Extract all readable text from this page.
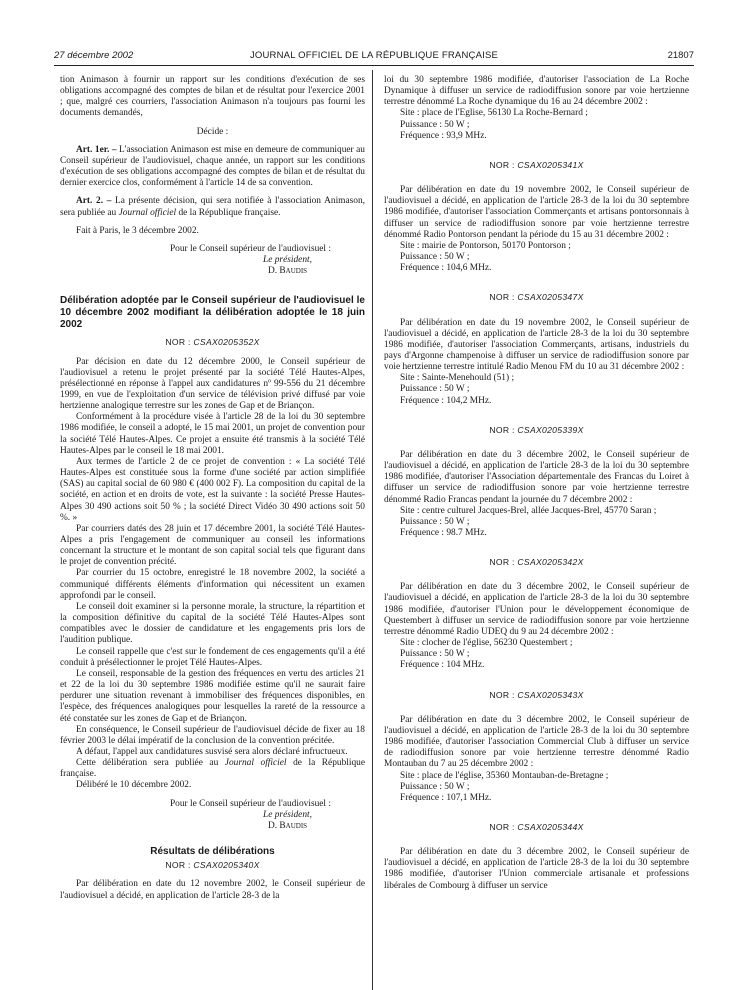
27 décembre 2002	JOURNAL OFFICIEL DE LA RÉPUBLIQUE FRANÇAISE	21807

tion Animason à fournir un rapport sur les conditions d'exécution de ses obligations accompagné des comptes de bilan et de résultat pour l'exercice 2001 ; que, malgré ces courriers, l'association Animason n'a toujours pas fourni les documents demandés,

Décide :

Art. 1er. – L'association Animason est mise en demeure de communiquer au Conseil supérieur de l'audiovisuel, chaque année, un rapport sur les conditions d'exécution de ses obligations accompagné des comptes de bilan et de résultat du dernier exercice clos, conformément à l'article 14 de sa convention.

Art. 2. – La présente décision, qui sera notifiée à l'association Animason, sera publiée au Journal officiel de la République française.

Fait à Paris, le 3 décembre 2002.

Pour le Conseil supérieur de l'audiovisuel :

Le président,

D. Baudis

Délibération adoptée par le Conseil supérieur de l'audiovisuel le 10 décembre 2002 modifiant la délibération adoptée le 18 juin 2002

NOR : CSAX0205352X

Par décision en date du 12 décembre 2000, le Conseil supérieur de l'audiovisuel a retenu le projet présenté par la société Télé Hautes-Alpes, présélectionné en réponse à l'appel aux candidatures nº 99-556 du 21 décembre 1999, en vue de l'exploitation d'un service de télévision privé diffusé par voie hertzienne analogique terrestre sur les zones de Gap et de Briançon.

Conformément à la procédure visée à l'article 28 de la loi du 30 septembre 1986 modifiée, le conseil a adopté, le 15 mai 2001, un projet de convention pour la société Télé Hautes-Alpes. Ce projet a ensuite été transmis à la société Télé Hautes-Alpes par le conseil le 18 mai 2001.

Aux termes de l'article 2 de ce projet de convention : « La société Télé Hautes-Alpes est constituée sous la forme d'une société par action simplifiée (SAS) au capital social de 60 980 € (400 002 F). La composition du capital de la société, en action et en droits de vote, est la suivante : la société Presse Hautes-Alpes 30 490 actions soit 50 % ; la société Direct Vidéo 30 490 actions soit 50 %. »

Par courriers datés des 28 juin et 17 décembre 2001, la société Télé Hautes-Alpes a pris l'engagement de communiquer au conseil les informations concernant la structure et le montant de son capital social tels que figurant dans le projet de convention précité.

Par courrier du 15 octobre, enregistré le 18 novembre 2002, la société a communiqué différents éléments d'information qui nécessitent un examen approfondi par le conseil.

Le conseil doit examiner si la personne morale, la structure, la répartition et la composition définitive du capital de la société Télé Hautes-Alpes sont compatibles avec le dossier de candidature et les engagements pris lors de l'audition publique.

Le conseil rappelle que c'est sur le fondement de ces engagements qu'il a été conduit à présélectionner le projet Télé Hautes-Alpes.

Le conseil, responsable de la gestion des fréquences en vertu des articles 21 et 22 de la loi du 30 septembre 1986 modifiée estime qu'il ne saurait faire perdurer une situation revenant à immobiliser des fréquences disponibles, en l'espèce, des fréquences analogiques pour lesquelles la rareté de la ressource a été constatée sur les zones de Gap et de Briançon.

En conséquence, le Conseil supérieur de l'audiovisuel décide de fixer au 18 février 2003 le délai impératif de la conclusion de la convention précitée.

A défaut, l'appel aux candidatures susvisé sera alors déclaré infructueux.

Cette délibération sera publiée au Journal officiel de la République française.

Délibéré le 10 décembre 2002.

Pour le Conseil supérieur de l'audiovisuel :

Le président,

D. Baudis

Résultats de délibérations

NOR : CSAX0205340X

Par délibération en date du 12 novembre 2002, le Conseil supérieur de l'audiovisuel a décidé, en application de l'article 28-3 de la

loi du 30 septembre 1986 modifiée, d'autoriser l'association de La Roche Dynamique à diffuser un service de radiodiffusion sonore par voie hertzienne terrestre dénommé La Roche dynamique du 16 au 24 décembre 2002 :

Site : place de l'Eglise, 56130 La Roche-Bernard ;

Puissance : 50 W ;

Fréquence : 93,9 MHz.

NOR : CSAX0205341X

Par délibération en date du 19 novembre 2002, le Conseil supérieur de l'audiovisuel a décidé, en application de l'article 28-3 de la loi du 30 septembre 1986 modifiée, d'autoriser l'association Commerçants et artisans pontorsonnais à diffuser un service de radiodiffusion sonore par voie hertzienne terrestre dénommé Radio Pontorson pendant la période du 15 au 31 décembre 2002 :

Site : mairie de Pontorson, 50170 Pontorson ;

Puissance : 50 W ;

Fréquence : 104,6 MHz.

NOR : CSAX0205347X

Par délibération en date du 19 novembre 2002, le Conseil supérieur de l'audiovisuel a décidé, en application de l'article 28-3 de la loi du 30 septembre 1986 modifiée, d'autoriser l'association Commerçants, artisans, industriels du pays d'Argonne champenoise à diffuser un service de radiodiffusion sonore par voie hertzienne terrestre intitulé Radio Menou FM du 10 au 31 décembre 2002 :

Site : Sainte-Menehould (51) ;

Puissance : 50 W ;

Fréquence : 104,2 MHz.

NOR : CSAX0205339X

Par délibération en date du 3 décembre 2002, le Conseil supérieur de l'audiovisuel a décidé, en application de l'article 28-3 de la loi du 30 septembre 1986 modifiée, d'autoriser l'Association départementale des Francas du Loiret à diffuser un service de radiodiffusion sonore par voie hertzienne terrestre dénommé Radio Francas pendant la journée du 7 décembre 2002 :

Site : centre culturel Jacques-Brel, allée Jacques-Brel, 45770 Saran ;

Puissance : 50 W ;

Fréquence : 98.7 MHz.

NOR : CSAX0205342X

Par délibération en date du 3 décembre 2002, le Conseil supérieur de l'audiovisuel a décidé, en application de l'article 28-3 de la loi du 30 septembre 1986 modifiée, d'autoriser l'Union pour le développement économique de Questembert à diffuser un service de radiodiffusion sonore par voie hertzienne terrestre dénommé Radio UDEQ du 9 au 24 décembre 2002 :

Site : clocher de l'église, 56230 Questembert ;

Puissance : 50 W ;

Fréquence : 104 MHz.

NOR : CSAX0205343X

Par délibération en date du 3 décembre 2002, le Conseil supérieur de l'audiovisuel a décidé, en application de l'article 28-3 de la loi du 30 septembre 1986 modifiée, d'autoriser l'association Commercial Club à diffuser un service de radiodiffusion sonore par voie hertzienne terrestre dénommé Radio Montauban du 7 au 25 décembre 2002 :

Site : place de l'église, 35360 Montauban-de-Bretagne ;

Puissance : 50 W ;

Fréquence : 107,1 MHz.

NOR : CSAX0205344X

Par délibération en date du 3 décembre 2002, le Conseil supérieur de l'audiovisuel a décidé, en application de l'article 28-3 de la loi du 30 septembre 1986 modifiée, d'autoriser l'Union commerciale artisanale et professions libérales de Combourg à diffuser un service
